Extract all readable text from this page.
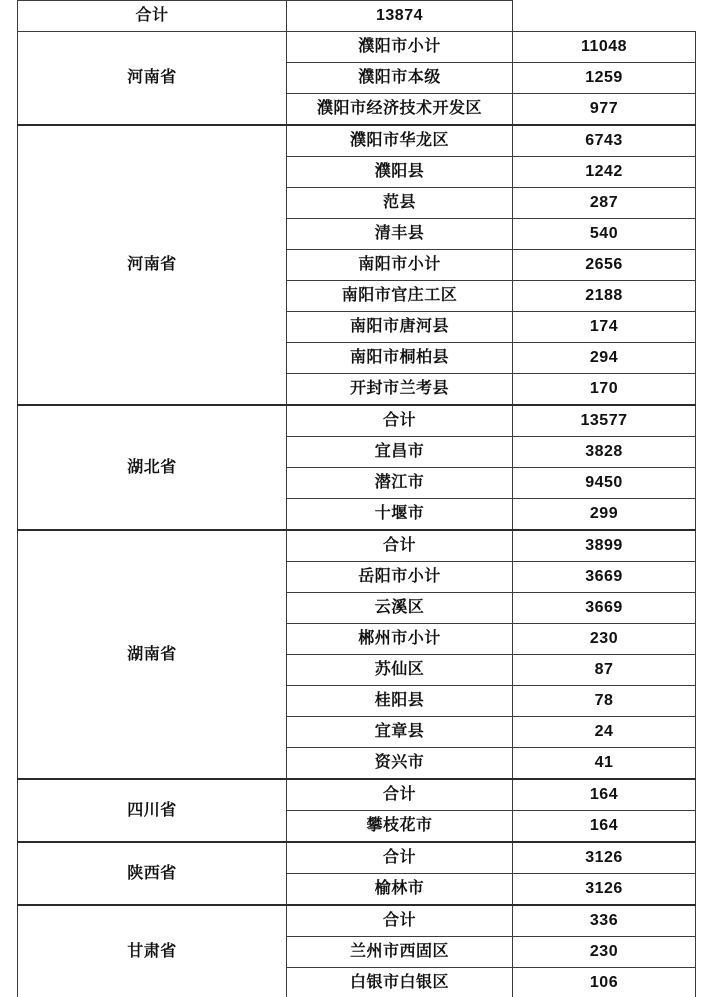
合计	13874	
河南省	濮阳市小计	11048
	濮阳市本级	1259
	濮阳市经济技术开发区	977
河南省	濮阳市华龙区	6743
	濮阳县	1242
	范县	287
	清丰县	540
	南阳市小计	2656
	南阳市官庄工区	2188
	南阳市唐河县	174
	南阳市桐柏县	294
	开封市兰考县	170
湖北省	合计	13577
	宜昌市	3828
	潜江市	9450
	十堰市	299
湖南省	合计	3899
	岳阳市小计	3669
	云溪区	3669
	郴州市小计	230
	苏仙区	87
	桂阳县	78
	宜章县	24
	资兴市	41
四川省	合计	164
	攀枝花市	164
陕西省	合计	3126
	榆林市	3126
甘肃省	合计	336
	兰州市西固区	230
	白银市白银区	106
